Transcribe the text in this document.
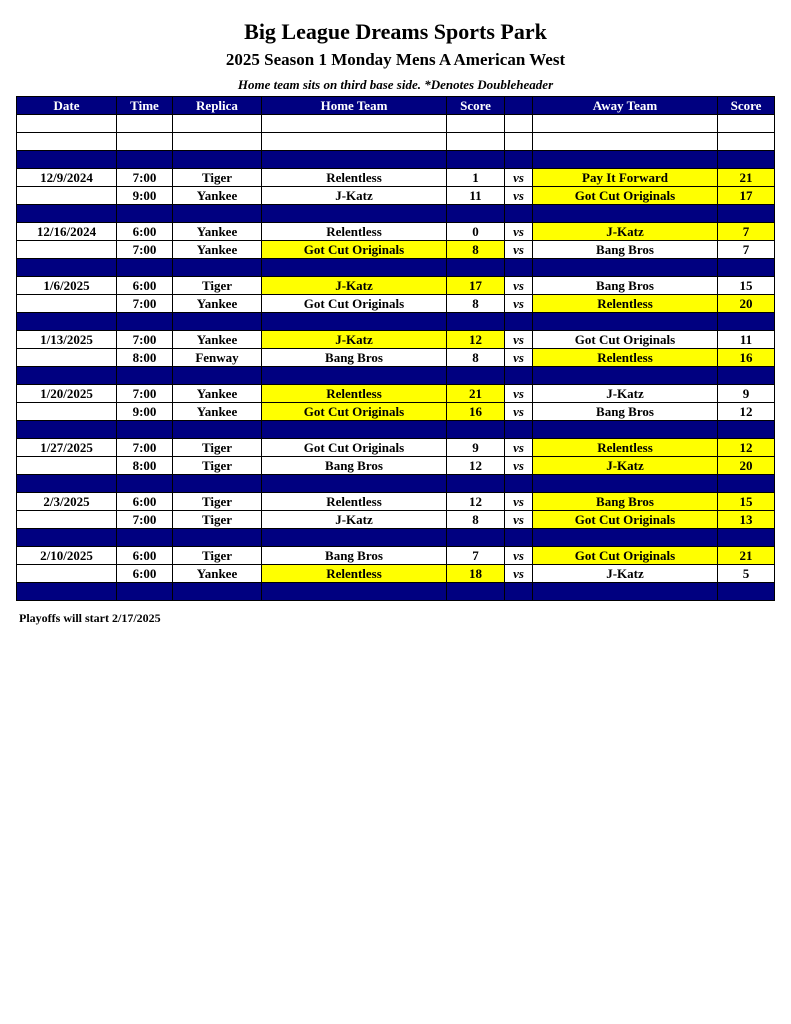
Big League Dreams Sports Park
2025 Season 1 Monday Mens A American West
Home team sits on third base side. *Denotes Doubleheader
Date	Time	Replica	Home Team	Score		Away Team	Score

12/9/2024	7:00	Tiger	Relentless	1	vs	Pay It Forward	21
	9:00	Yankee	J-Katz	11	vs	Got Cut Originals	17

12/16/2024	6:00	Yankee	Relentless	0	vs	J-Katz	7
	7:00	Yankee	Got Cut Originals	8	vs	Bang Bros	7

1/6/2025	6:00	Tiger	J-Katz	17	vs	Bang Bros	15
	7:00	Yankee	Got Cut Originals	8	vs	Relentless	20

1/13/2025	7:00	Yankee	J-Katz	12	vs	Got Cut Originals	11
	8:00	Fenway	Bang Bros	8	vs	Relentless	16

1/20/2025	7:00	Yankee	Relentless	21	vs	J-Katz	9
	9:00	Yankee	Got Cut Originals	16	vs	Bang Bros	12

1/27/2025	7:00	Tiger	Got Cut Originals	9	vs	Relentless	12
	8:00	Tiger	Bang Bros	12	vs	J-Katz	20

2/3/2025	6:00	Tiger	Relentless	12	vs	Bang Bros	15
	7:00	Tiger	J-Katz	8	vs	Got Cut Originals	13

2/10/2025	6:00	Tiger	Bang Bros	7	vs	Got Cut Originals	21
	6:00	Yankee	Relentless	18	vs	J-Katz	5

Playoffs will start 2/17/2025
